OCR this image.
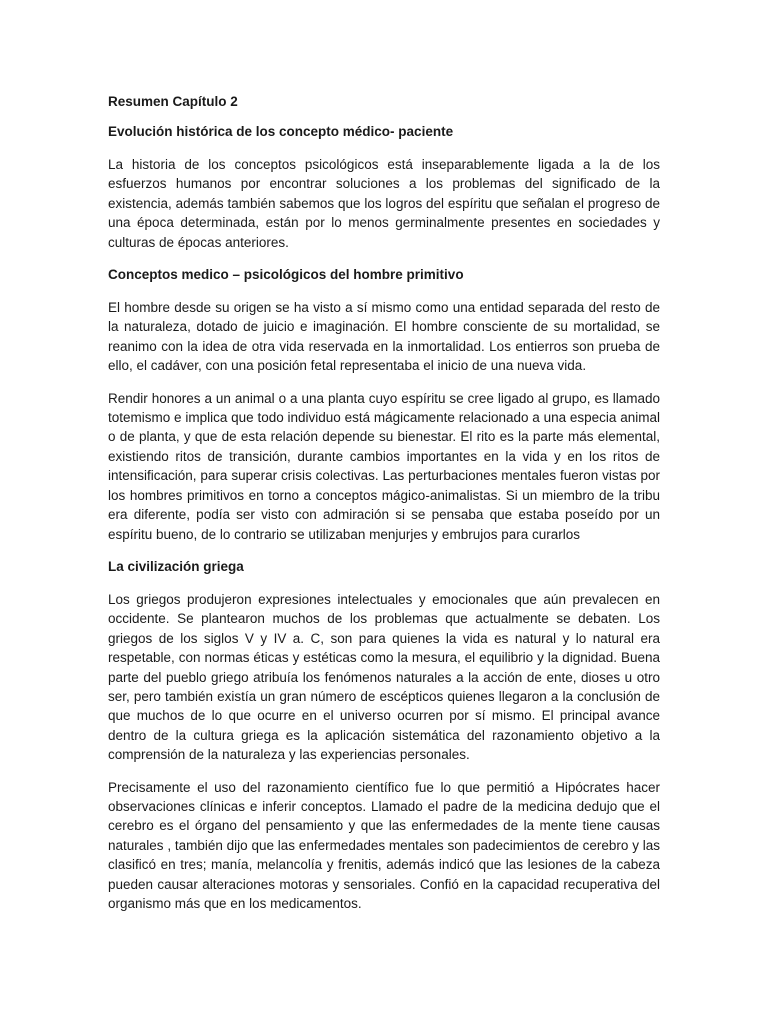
Resumen Capítulo 2
Evolución histórica de los concepto médico- paciente

La historia de los conceptos psicológicos está inseparablemente ligada a la de los esfuerzos humanos por encontrar soluciones a los problemas del significado de la existencia, además también sabemos que los logros del espíritu que señalan el progreso de una época determinada, están por lo menos germinalmente presentes en sociedades y culturas de épocas anteriores.

Conceptos medico – psicológicos del hombre primitivo

El hombre desde su origen se ha visto a sí mismo como una entidad separada del resto de la naturaleza, dotado de juicio e imaginación. El hombre consciente de su mortalidad, se reanimo con la idea de otra vida reservada en la inmortalidad. Los entierros son prueba de ello, el cadáver, con una posición fetal representaba el inicio de una nueva vida.

Rendir honores a un animal o a una planta cuyo espíritu se cree ligado al grupo, es llamado totemismo e implica que todo individuo está mágicamente relacionado a una especia animal o de planta, y que de esta relación depende su bienestar. El rito es la parte más elemental, existiendo ritos de transición, durante cambios importantes en la vida y en los ritos de intensificación, para superar crisis colectivas. Las perturbaciones mentales fueron vistas por los hombres primitivos en torno a conceptos mágico-animalistas. Si un miembro de la tribu era diferente, podía ser visto con admiración si se pensaba que estaba poseído por un espíritu bueno, de lo contrario se utilizaban menjurjes y embrujos para curarlos

La civilización griega

Los griegos produjeron expresiones intelectuales y emocionales que aún prevalecen en occidente. Se plantearon muchos de los problemas que actualmente se debaten. Los griegos de los siglos V y IV a. C, son para quienes la vida es natural y lo natural era respetable, con normas éticas y estéticas como la mesura, el equilibrio y la dignidad. Buena parte del pueblo griego atribuía los fenómenos naturales a la acción de ente, dioses u otro ser, pero también existía un gran número de escépticos quienes llegaron a la conclusión de que muchos de lo que ocurre en el universo ocurren por sí mismo. El principal avance dentro de la cultura griega es la aplicación sistemática del razonamiento objetivo a la comprensión de la naturaleza y las experiencias personales.

Precisamente el uso del razonamiento científico fue lo que permitió a Hipócrates hacer observaciones clínicas e inferir conceptos. Llamado el padre de la medicina dedujo que el cerebro es el órgano del pensamiento y que las enfermedades de la mente tiene causas naturales , también dijo que las enfermedades mentales son padecimientos de cerebro y las clasificó en tres; manía, melancolía y frenitis, además indicó que las lesiones de la cabeza pueden causar alteraciones motoras y sensoriales. Confió en la capacidad recuperativa del organismo más que en los medicamentos.
